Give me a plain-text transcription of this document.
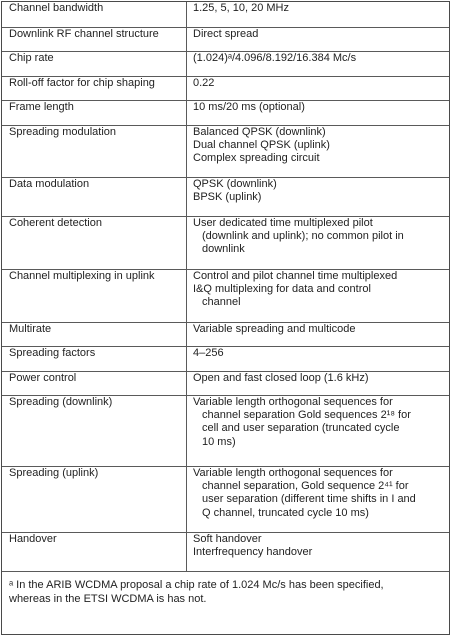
Channel bandwidth	1.25, 5, 10, 20 MHz

Downlink RF channel structure	Direct spread

Chip rate	(1.024)ᵃ/4.096/8.192/16.384 Mc/s

Roll-off factor for chip shaping	0.22

Frame length	10 ms/20 ms (optional)

Spreading modulation	Balanced QPSK (downlink)
Dual channel QPSK (uplink)
Complex spreading circuit

Data modulation	QPSK (downlink)
BPSK (uplink)

Coherent detection	User dedicated time multiplexed pilot
(downlink and uplink); no common pilot in
downlink

Channel multiplexing in uplink	Control and pilot channel time multiplexed
I&Q multiplexing for data and control
channel

Multirate	Variable spreading and multicode

Spreading factors	4–256

Power control	Open and fast closed loop (1.6 kHz)

Spreading (downlink)	Variable length orthogonal sequences for
channel separation Gold sequences 2¹⁸ for
cell and user separation (truncated cycle
10 ms)

Spreading (uplink)	Variable length orthogonal sequences for
channel separation, Gold sequence 2⁴¹ for
user separation (different time shifts in I and
Q channel, truncated cycle 10 ms)

Handover	Soft handover
Interfrequency handover
ᵃ In the ARIB WCDMA proposal a chip rate of 1.024 Mc/s has been specified,
whereas in the ETSI WCDMA is has not.
